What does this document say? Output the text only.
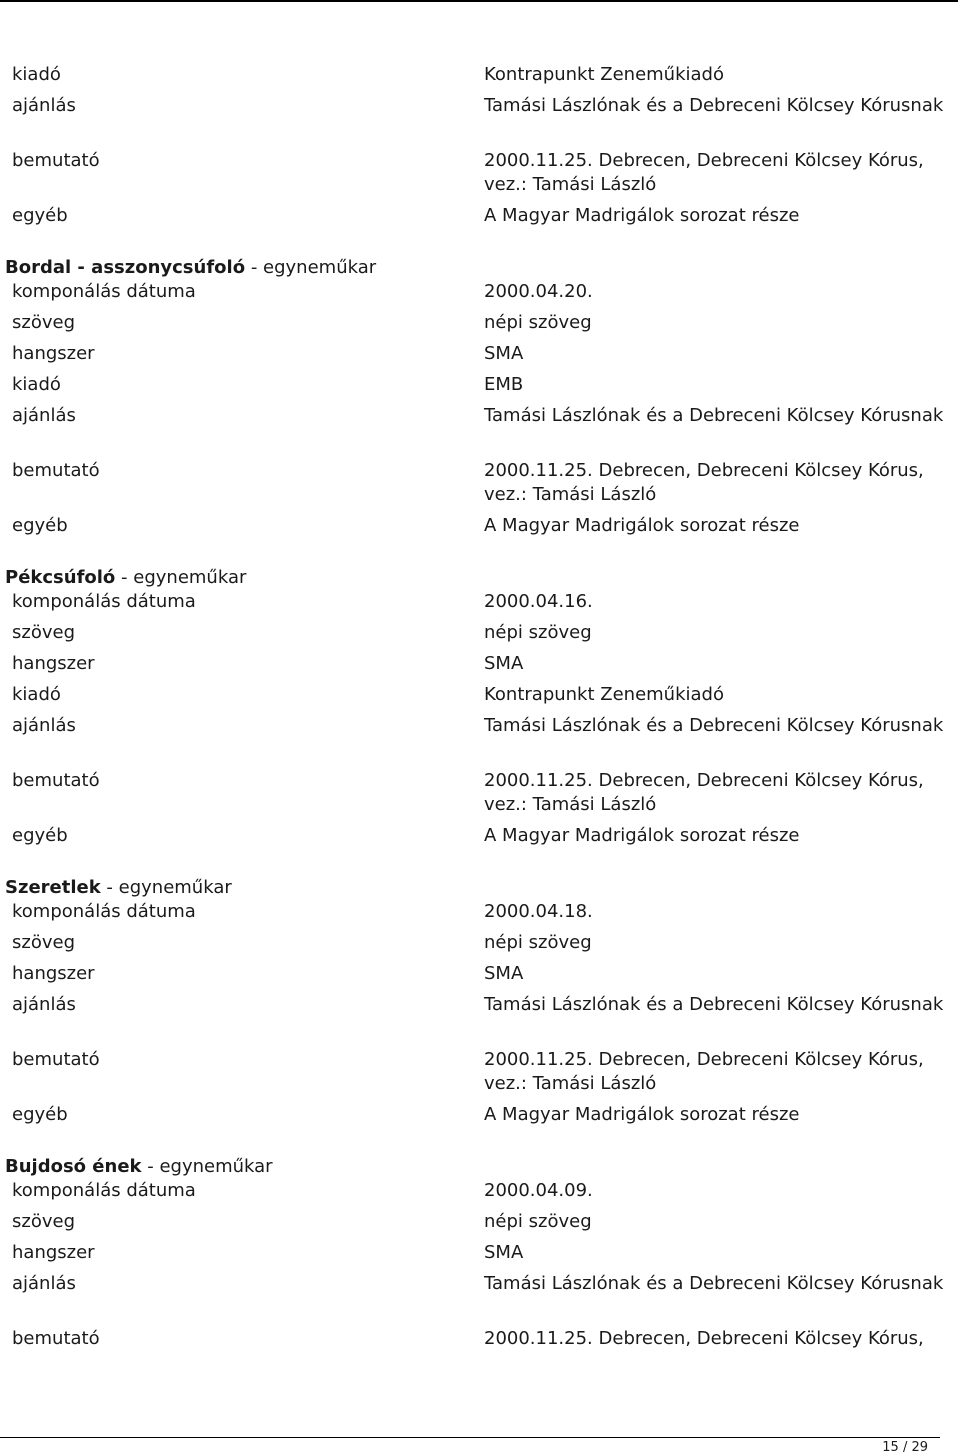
kiadó	Kontrapunkt Zeneműkiadó
ajánlás	Tamási Lászlónak és a Debreceni Kölcsey Kórusnak
bemutató	2000.11.25. Debrecen, Debreceni Kölcsey Kórus, vez.: Tamási László
egyéb	A Magyar Madrigálok sorozat része
Bordal - asszonycsúfoló - egyneműkar
komponálás dátuma	2000.04.20.
szöveg	népi szöveg
hangszer	SMA
kiadó	EMB
ajánlás	Tamási Lászlónak és a Debreceni Kölcsey Kórusnak
bemutató	2000.11.25. Debrecen, Debreceni Kölcsey Kórus, vez.: Tamási László
egyéb	A Magyar Madrigálok sorozat része
Pékcsúfoló - egyneműkar
komponálás dátuma	2000.04.16.
szöveg	népi szöveg
hangszer	SMA
kiadó	Kontrapunkt Zeneműkiadó
ajánlás	Tamási Lászlónak és a Debreceni Kölcsey Kórusnak
bemutató	2000.11.25. Debrecen, Debreceni Kölcsey Kórus, vez.: Tamási László
egyéb	A Magyar Madrigálok sorozat része
Szeretlek - egyneműkar
komponálás dátuma	2000.04.18.
szöveg	népi szöveg
hangszer	SMA
ajánlás	Tamási Lászlónak és a Debreceni Kölcsey Kórusnak
bemutató	2000.11.25. Debrecen, Debreceni Kölcsey Kórus, vez.: Tamási László
egyéb	A Magyar Madrigálok sorozat része
Bujdosó ének - egyneműkar
komponálás dátuma	2000.04.09.
szöveg	népi szöveg
hangszer	SMA
ajánlás	Tamási Lászlónak és a Debreceni Kölcsey Kórusnak
bemutató	2000.11.25. Debrecen, Debreceni Kölcsey Kórus,
15 / 29
